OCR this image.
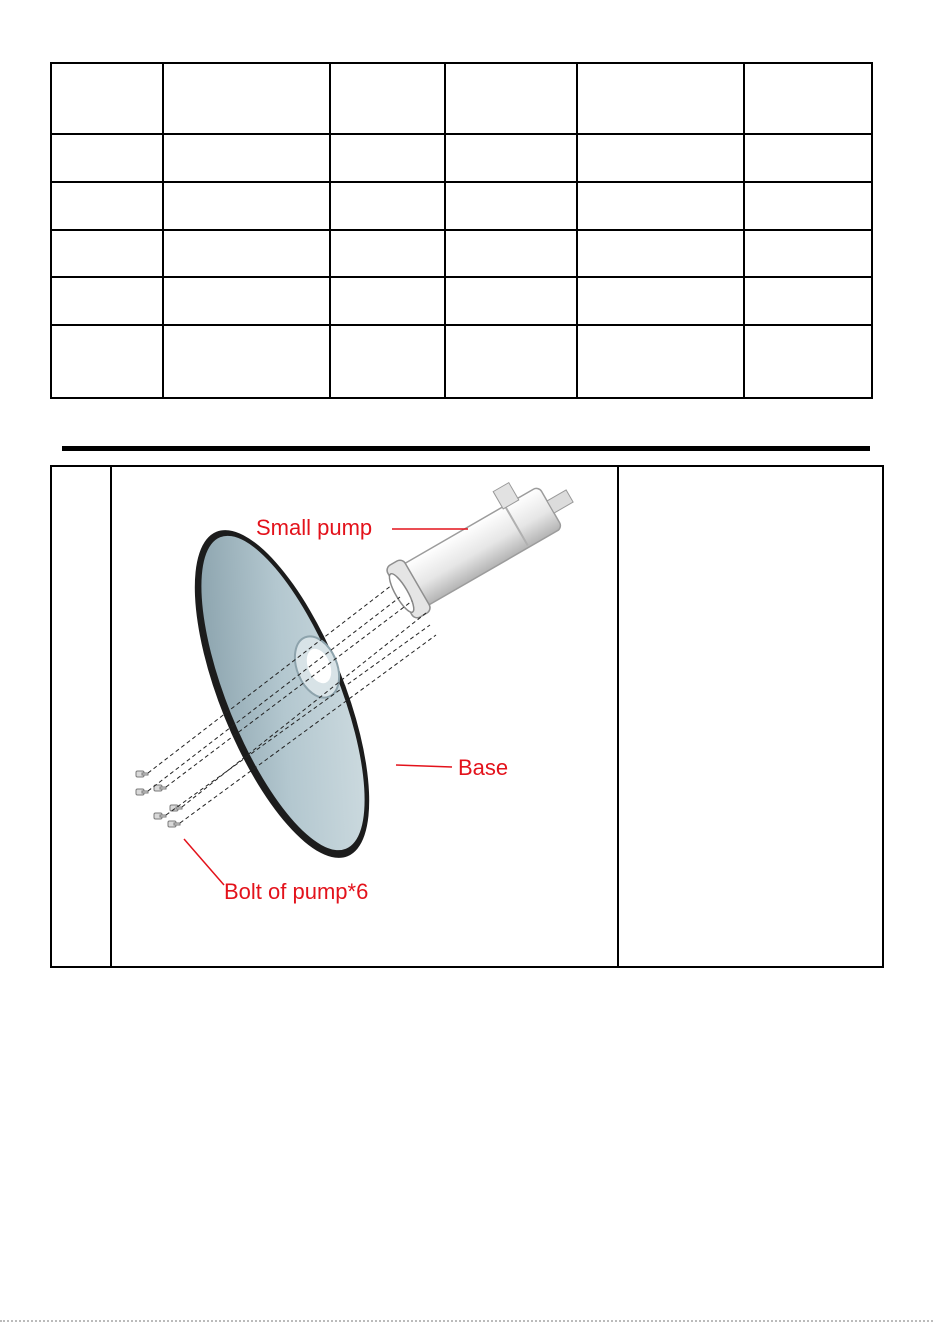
Small pump
Base
Bolt of pump*6
